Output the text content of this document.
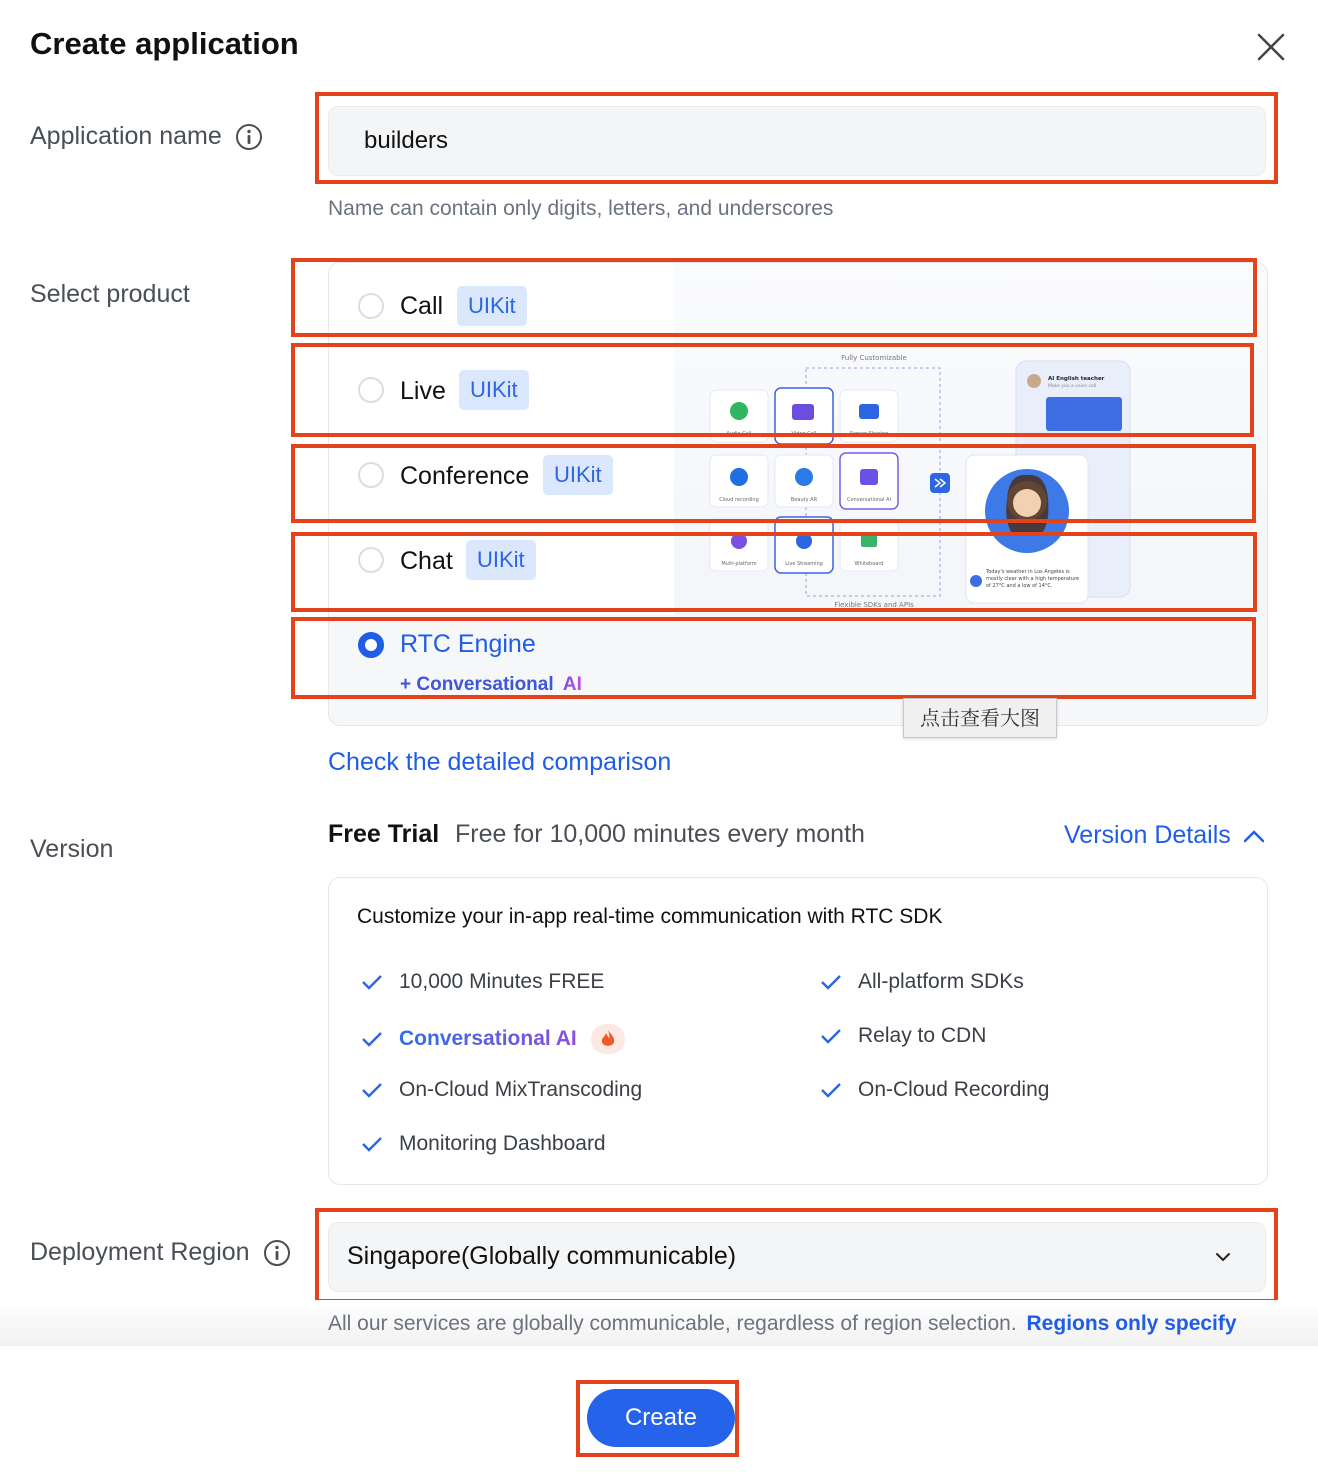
Create application
Application name
builders
Name can contain only digits, letters, and underscores
Select product
Fully Customizable
Flexible SDKs and APIs
Audio Call	Video Call	Screen Sharing
Cloud recording	Beauty AR	Conversational AI
Multi-platform	Live Streaming	Whiteboard
AI English teacher
Make you a voice call
Today's weather in Los Angeles is mostly clear with a high temperature of 27°C and a low of 14°C.
Call	UIKit
Live	UIKit
Conference	UIKit
Chat	UIKit
RTC Engine
+ Conversational AI
点击查看大图
Check the detailed comparison
Version
Free Trial Free for 10,000 minutes every month	Version Details
Customize your in-app real-time communication with RTC SDK
10,000 Minutes FREE
Conversational AI
On-Cloud MixTranscoding
Monitoring Dashboard
All-platform SDKs
Relay to CDN
On-Cloud Recording
Deployment Region	Singapore(Globally communicable)
All our services are globally communicable, regardless of region selection. Regions only specify
Create
